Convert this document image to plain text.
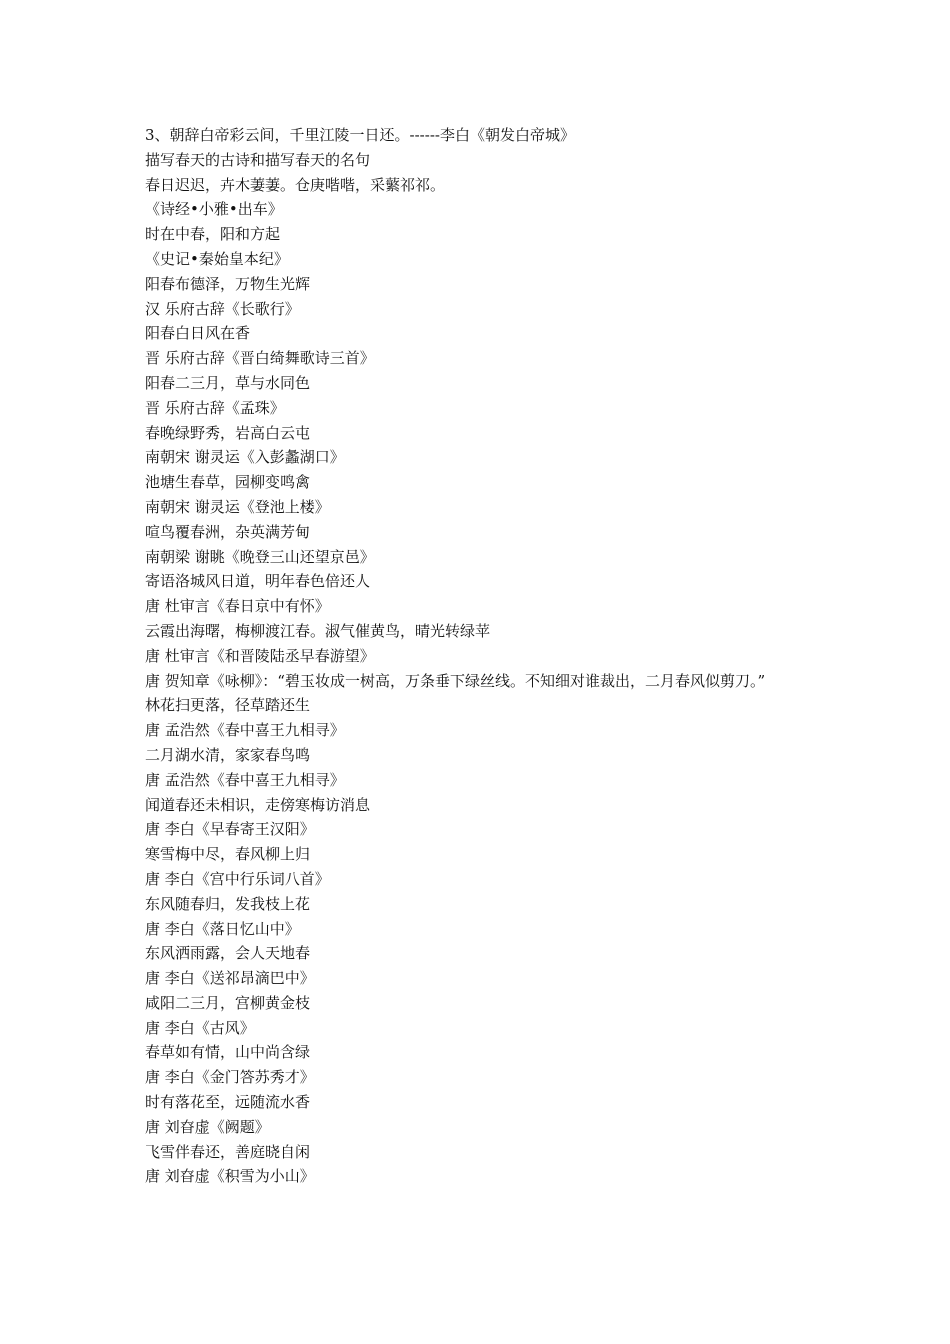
3、朝辞白帝彩云间，千里江陵一日还。------李白《朝发白帝城》

描写春天的古诗和描写春天的名句

春日迟迟，卉木萋萋。仓庚喈喈，采蘩祁祁。

《诗经•小雅•出车》

时在中春，阳和方起

《史记•秦始皇本纪》

阳春布德泽，万物生光辉

汉 乐府古辞《长歌行》

阳春白日风在香

晋 乐府古辞《晋白绮舞歌诗三首》

阳春二三月，草与水同色

晋 乐府古辞《孟珠》

春晚绿野秀，岩高白云屯

南朝宋 谢灵运《入彭蠡湖口》

池塘生春草，园柳变鸣禽

南朝宋 谢灵运《登池上楼》

喧鸟覆春洲，杂英满芳甸

南朝梁 谢眺《晚登三山还望京邑》

寄语洛城风日道，明年春色倍还人

唐 杜审言《春日京中有怀》

云霞出海曙，梅柳渡江春。淑气催黄鸟，晴光转绿苹

唐 杜审言《和晋陵陆丞早春游望》

唐 贺知章《咏柳》：“碧玉妆成一树高，万条垂下绿丝线。不知细对谁裁出，二月春风似剪刀。”

林花扫更落，径草踏还生

唐 孟浩然《春中喜王九相寻》

二月湖水清，家家春鸟鸣

唐 孟浩然《春中喜王九相寻》

闻道春还未相识，走傍寒梅访消息

唐 李白《早春寄王汉阳》

寒雪梅中尽，春风柳上归

唐 李白《宫中行乐词八首》

东风随春归，发我枝上花

唐 李白《落日忆山中》

东风洒雨露，会人天地春

唐 李白《送祁昂滴巴中》

咸阳二三月，宫柳黄金枝

唐 李白《古风》

春草如有情，山中尚含绿

唐 李白《金门答苏秀才》

时有落花至，远随流水香

唐 刘昚虚《阙题》

飞雪伴春还，善庭晓自闲

唐 刘昚虚《积雪为小山》
